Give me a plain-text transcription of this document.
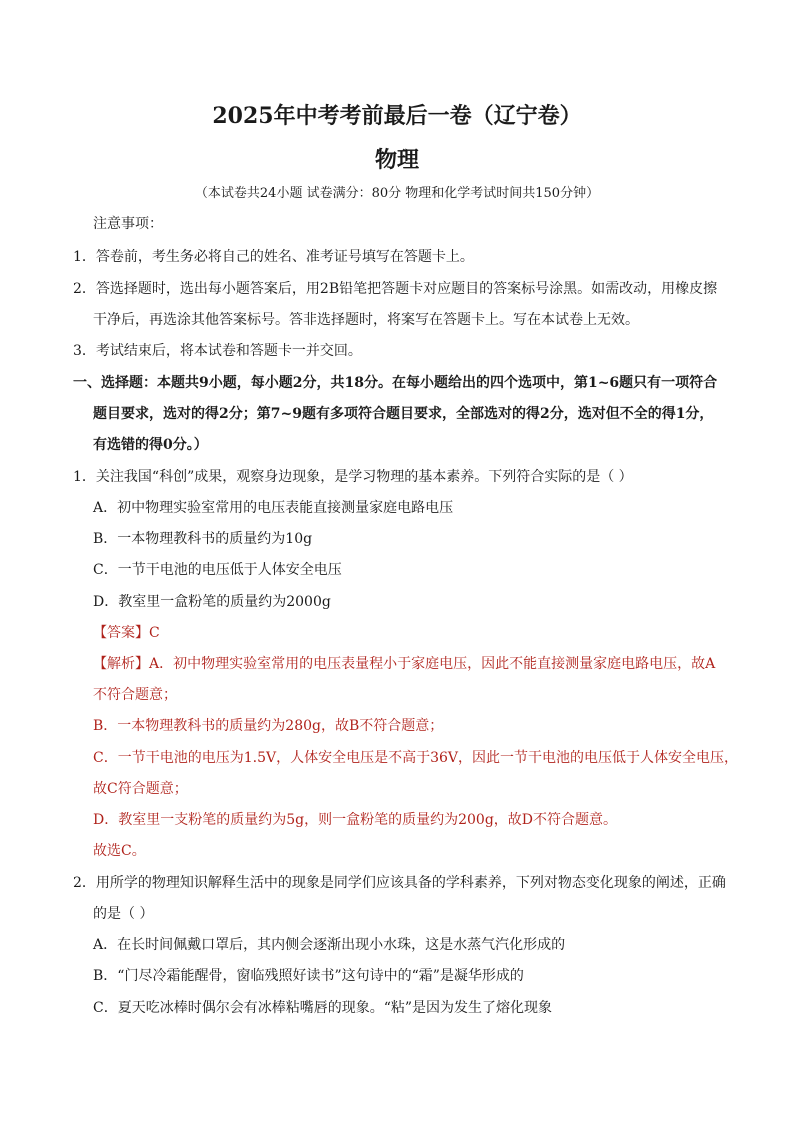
2025年中考考前最后一卷（辽宁卷）
物理
（本试卷共24小题 试卷满分：80分 物理和化学考试时间共150分钟）
注意事项：
1．答卷前，考生务必将自己的姓名、准考证号填写在答题卡上。
2．答选择题时，选出每小题答案后，用2B铅笔把答题卡对应题目的答案标号涂黑。如需改动，用橡皮擦
干净后，再选涂其他答案标号。答非选择题时，将案写在答题卡上。写在本试卷上无效。
3．考试结束后，将本试卷和答题卡一并交回。
一、选择题：本题共9小题，每小题2分，共18分。在每小题给出的四个选项中，第1~6题只有一项符合
题目要求，选对的得2分；第7~9题有多项符合题目要求，全部选对的得2分，选对但不全的得1分，
有选错的得0分。）
1．关注我国“科创”成果，观察身边现象，是学习物理的基本素养。下列符合实际的是（ ）
A．初中物理实验室常用的电压表能直接测量家庭电路电压
B．一本物理教科书的质量约为10g
C．一节干电池的电压低于人体安全电压
D．教室里一盒粉笔的质量约为2000g
【答案】C
【解析】A．初中物理实验室常用的电压表量程小于家庭电压，因此不能直接测量家庭电路电压，故A
不符合题意；
B．一本物理教科书的质量约为280g，故B不符合题意；
C．一节干电池的电压为1.5V，人体安全电压是不高于36V，因此一节干电池的电压低于人体安全电压，
故C符合题意；
D．教室里一支粉笔的质量约为5g，则一盒粉笔的质量约为200g，故D不符合题意。
故选C。
2．用所学的物理知识解释生活中的现象是同学们应该具备的学科素养，下列对物态变化现象的阐述，正确
的是（ ）
A．在长时间佩戴口罩后，其内侧会逐渐出现小水珠，这是水蒸气汽化形成的
B．“门尽冷霜能醒骨，窗临残照好读书”这句诗中的“霜”是凝华形成的
C．夏天吃冰棒时偶尔会有冰棒粘嘴唇的现象。“粘”是因为发生了熔化现象
